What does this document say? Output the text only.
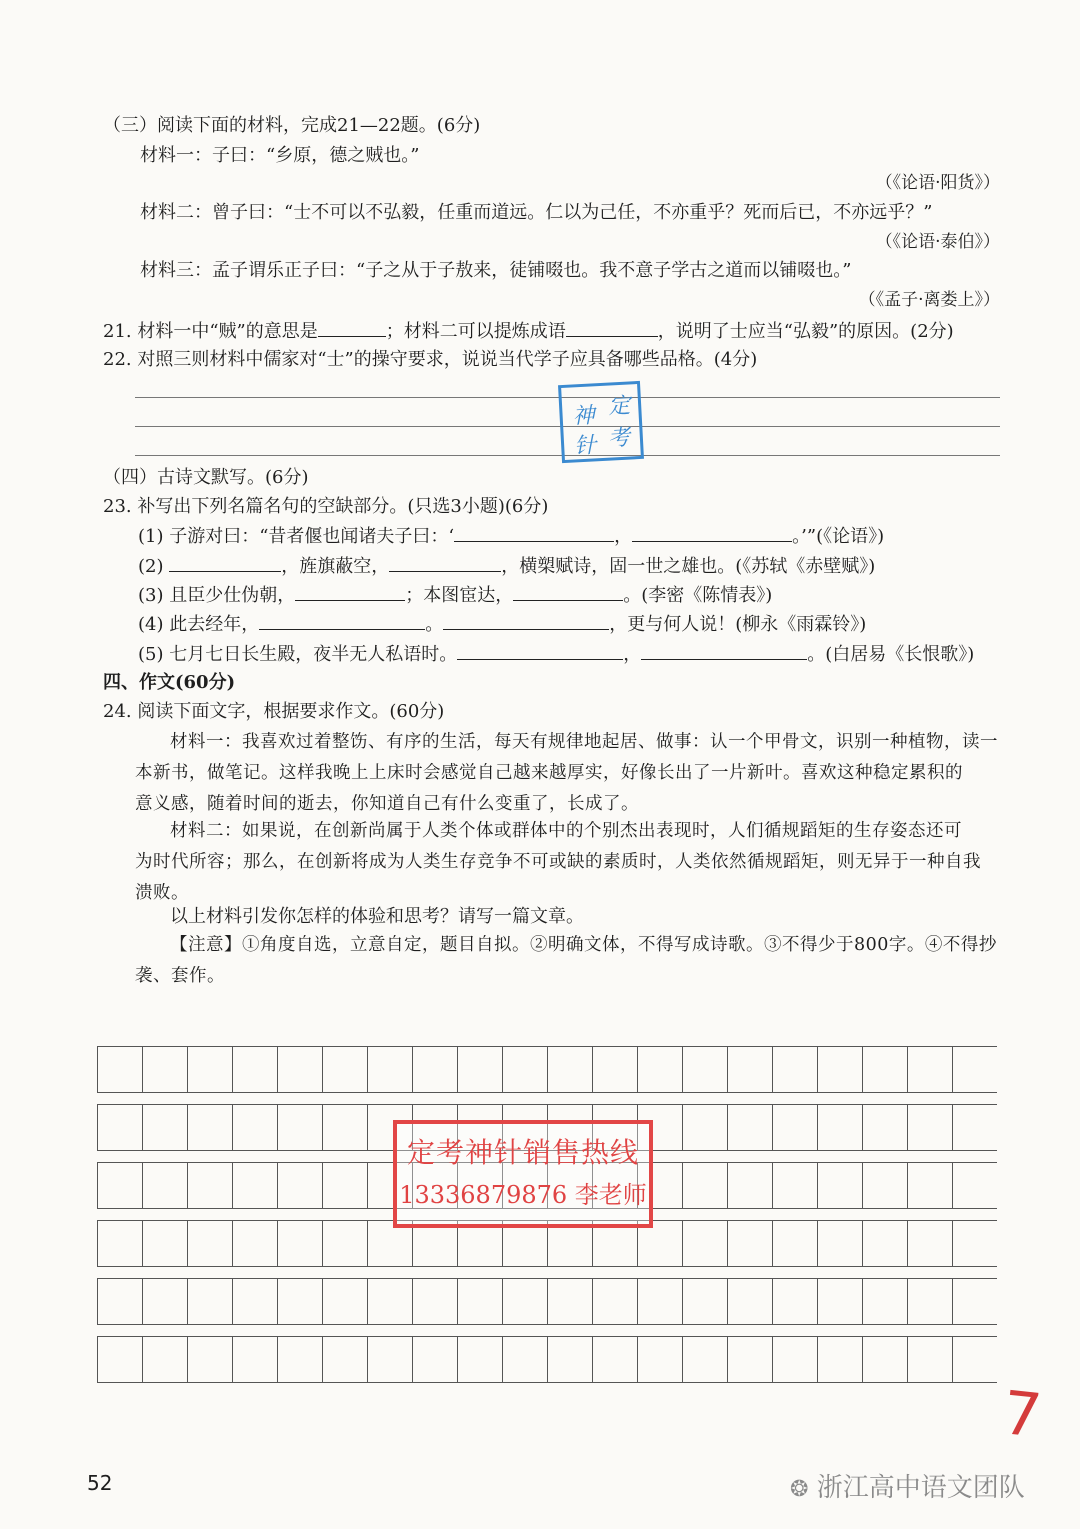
（三）阅读下面的材料，完成21—22题。(6分)
材料一：子曰：“乡原，德之贼也。”
（《论语·阳货》）
材料二：曾子曰：“士不可以不弘毅，任重而道远。仁以为己任，不亦重乎？死而后已，不亦远乎？”
（《论语·泰伯》）
材料三：孟子谓乐正子曰：“子之从于子敖来，徒铺啜也。我不意子学古之道而以铺啜也。”
（《孟子·离娄上》）
21. 材料一中“贼”的意思是	；材料二可以提炼成语	，说明了士应当“弘毅”的原因。(2分)
22. 对照三则材料中儒家对“士”的操守要求，说说当代学子应具备哪些品格。(4分)
定
考
神
针
（四）古诗文默写。(6分)
23. 补写出下列名篇名句的空缺部分。(只选3小题)(6分)
(1) 子游对曰：“昔者偃也闻诸夫子曰：‘	，	。’”(《论语》)
(2)	，旌旗蔽空，	，横槊赋诗，固一世之雄也。(《苏轼《赤壁赋》)
(3) 且臣少仕伪朝，	；本图宦达，	。(李密《陈情表》)
(4) 此去经年，	。	，更与何人说！(柳永《雨霖铃》)
(5) 七月七日长生殿，夜半无人私语时。	，	。(白居易《长恨歌》)
四、作文(60分)
24. 阅读下面文字，根据要求作文。(60分)
材料一：我喜欢过着整饬、有序的生活，每天有规律地起居、做事：认一个甲骨文，识别一种植物，读一
本新书，做笔记。这样我晚上上床时会感觉自己越来越厚实，好像长出了一片新叶。喜欢这种稳定累积的
意义感，随着时间的逝去，你知道自己有什么变重了，长成了。
材料二：如果说，在创新尚属于人类个体或群体中的个别杰出表现时，人们循规蹈矩的生存姿态还可
为时代所容；那么，在创新将成为人类生存竞争不可或缺的素质时，人类依然循规蹈矩，则无异于一种自我
溃败。
以上材料引发你怎样的体验和思考？请写一篇文章。
【注意】①角度自选，立意自定，题目自拟。②明确文体，不得写成诗歌。③不得少于800字。④不得抄
袭、套作。
定考神针销售热线
13336879876 李老师
7
52	❂ 浙江高中语文团队
